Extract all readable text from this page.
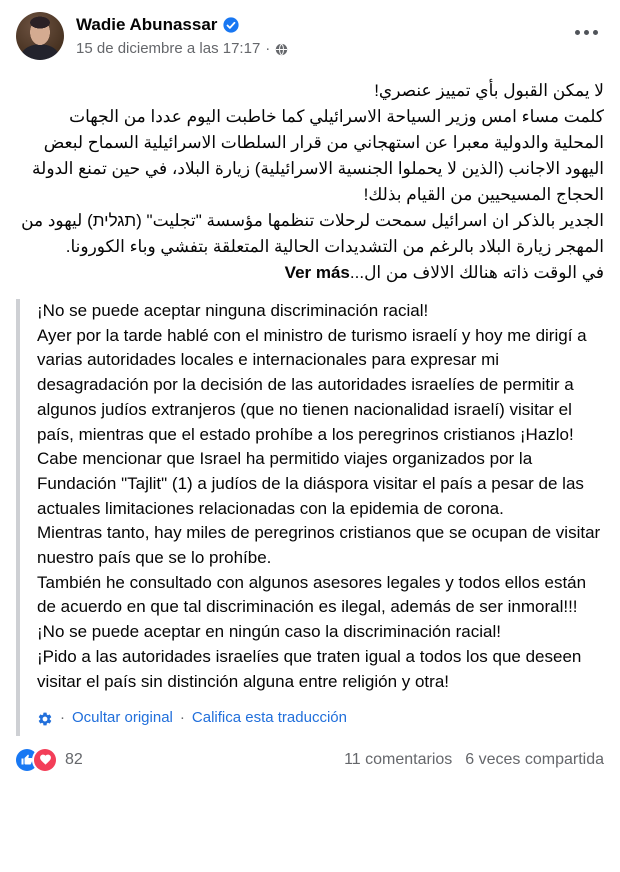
Wadie Abunassar
15 de diciembre a las 17:17 ·
لا يمكن القبول بأي تمييز عنصري!
كلمت مساء امس وزير السياحة الاسرائيلي كما خاطبت اليوم عددا من الجهات المحلية والدولية معبرا عن استهجاني من قرار السلطات الاسرائيلية السماح لبعض اليهود الاجانب (الذين لا يحملوا الجنسية الاسرائيلية) زيارة البلاد، في حين تمنع الدولة الحجاج المسيحيين من القيام بذلك!
الجدير بالذكر ان اسرائيل سمحت لرحلات تنظمها مؤسسة "تجليت" (תגלית) ليهود من المهجر زيارة البلاد بالرغم من التشديدات الحالية المتعلقة بتفشي وباء الكورونا.
في الوقت ذاته هنالك الالاف من ال...Ver más
¡No se puede aceptar ninguna discriminación racial!
Ayer por la tarde hablé con el ministro de turismo israelí y hoy me dirigí a varias autoridades locales e internacionales para expresar mi desagradación por la decisión de las autoridades israelíes de permitir a algunos judíos extranjeros (que no tienen nacionalidad israelí) visitar el país, mientras que el estado prohíbe a los peregrinos cristianos ¡Hazlo!
Cabe mencionar que Israel ha permitido viajes organizados por la Fundación "Tajlit" (1) a judíos de la diáspora visitar el país a pesar de las actuales limitaciones relacionadas con la epidemia de corona.
Mientras tanto, hay miles de peregrinos cristianos que se ocupan de visitar nuestro país que se lo prohíbe.
También he consultado con algunos asesores legales y todos ellos están de acuerdo en que tal discriminación es ilegal, además de ser inmoral!!!
¡No se puede aceptar en ningún caso la discriminación racial!
¡Pido a las autoridades israelíes que traten igual a todos los que deseen visitar el país sin distinción alguna entre religión y otra!
· Ocultar original · Califica esta traducción
82	11 comentarios 6 veces compartida
